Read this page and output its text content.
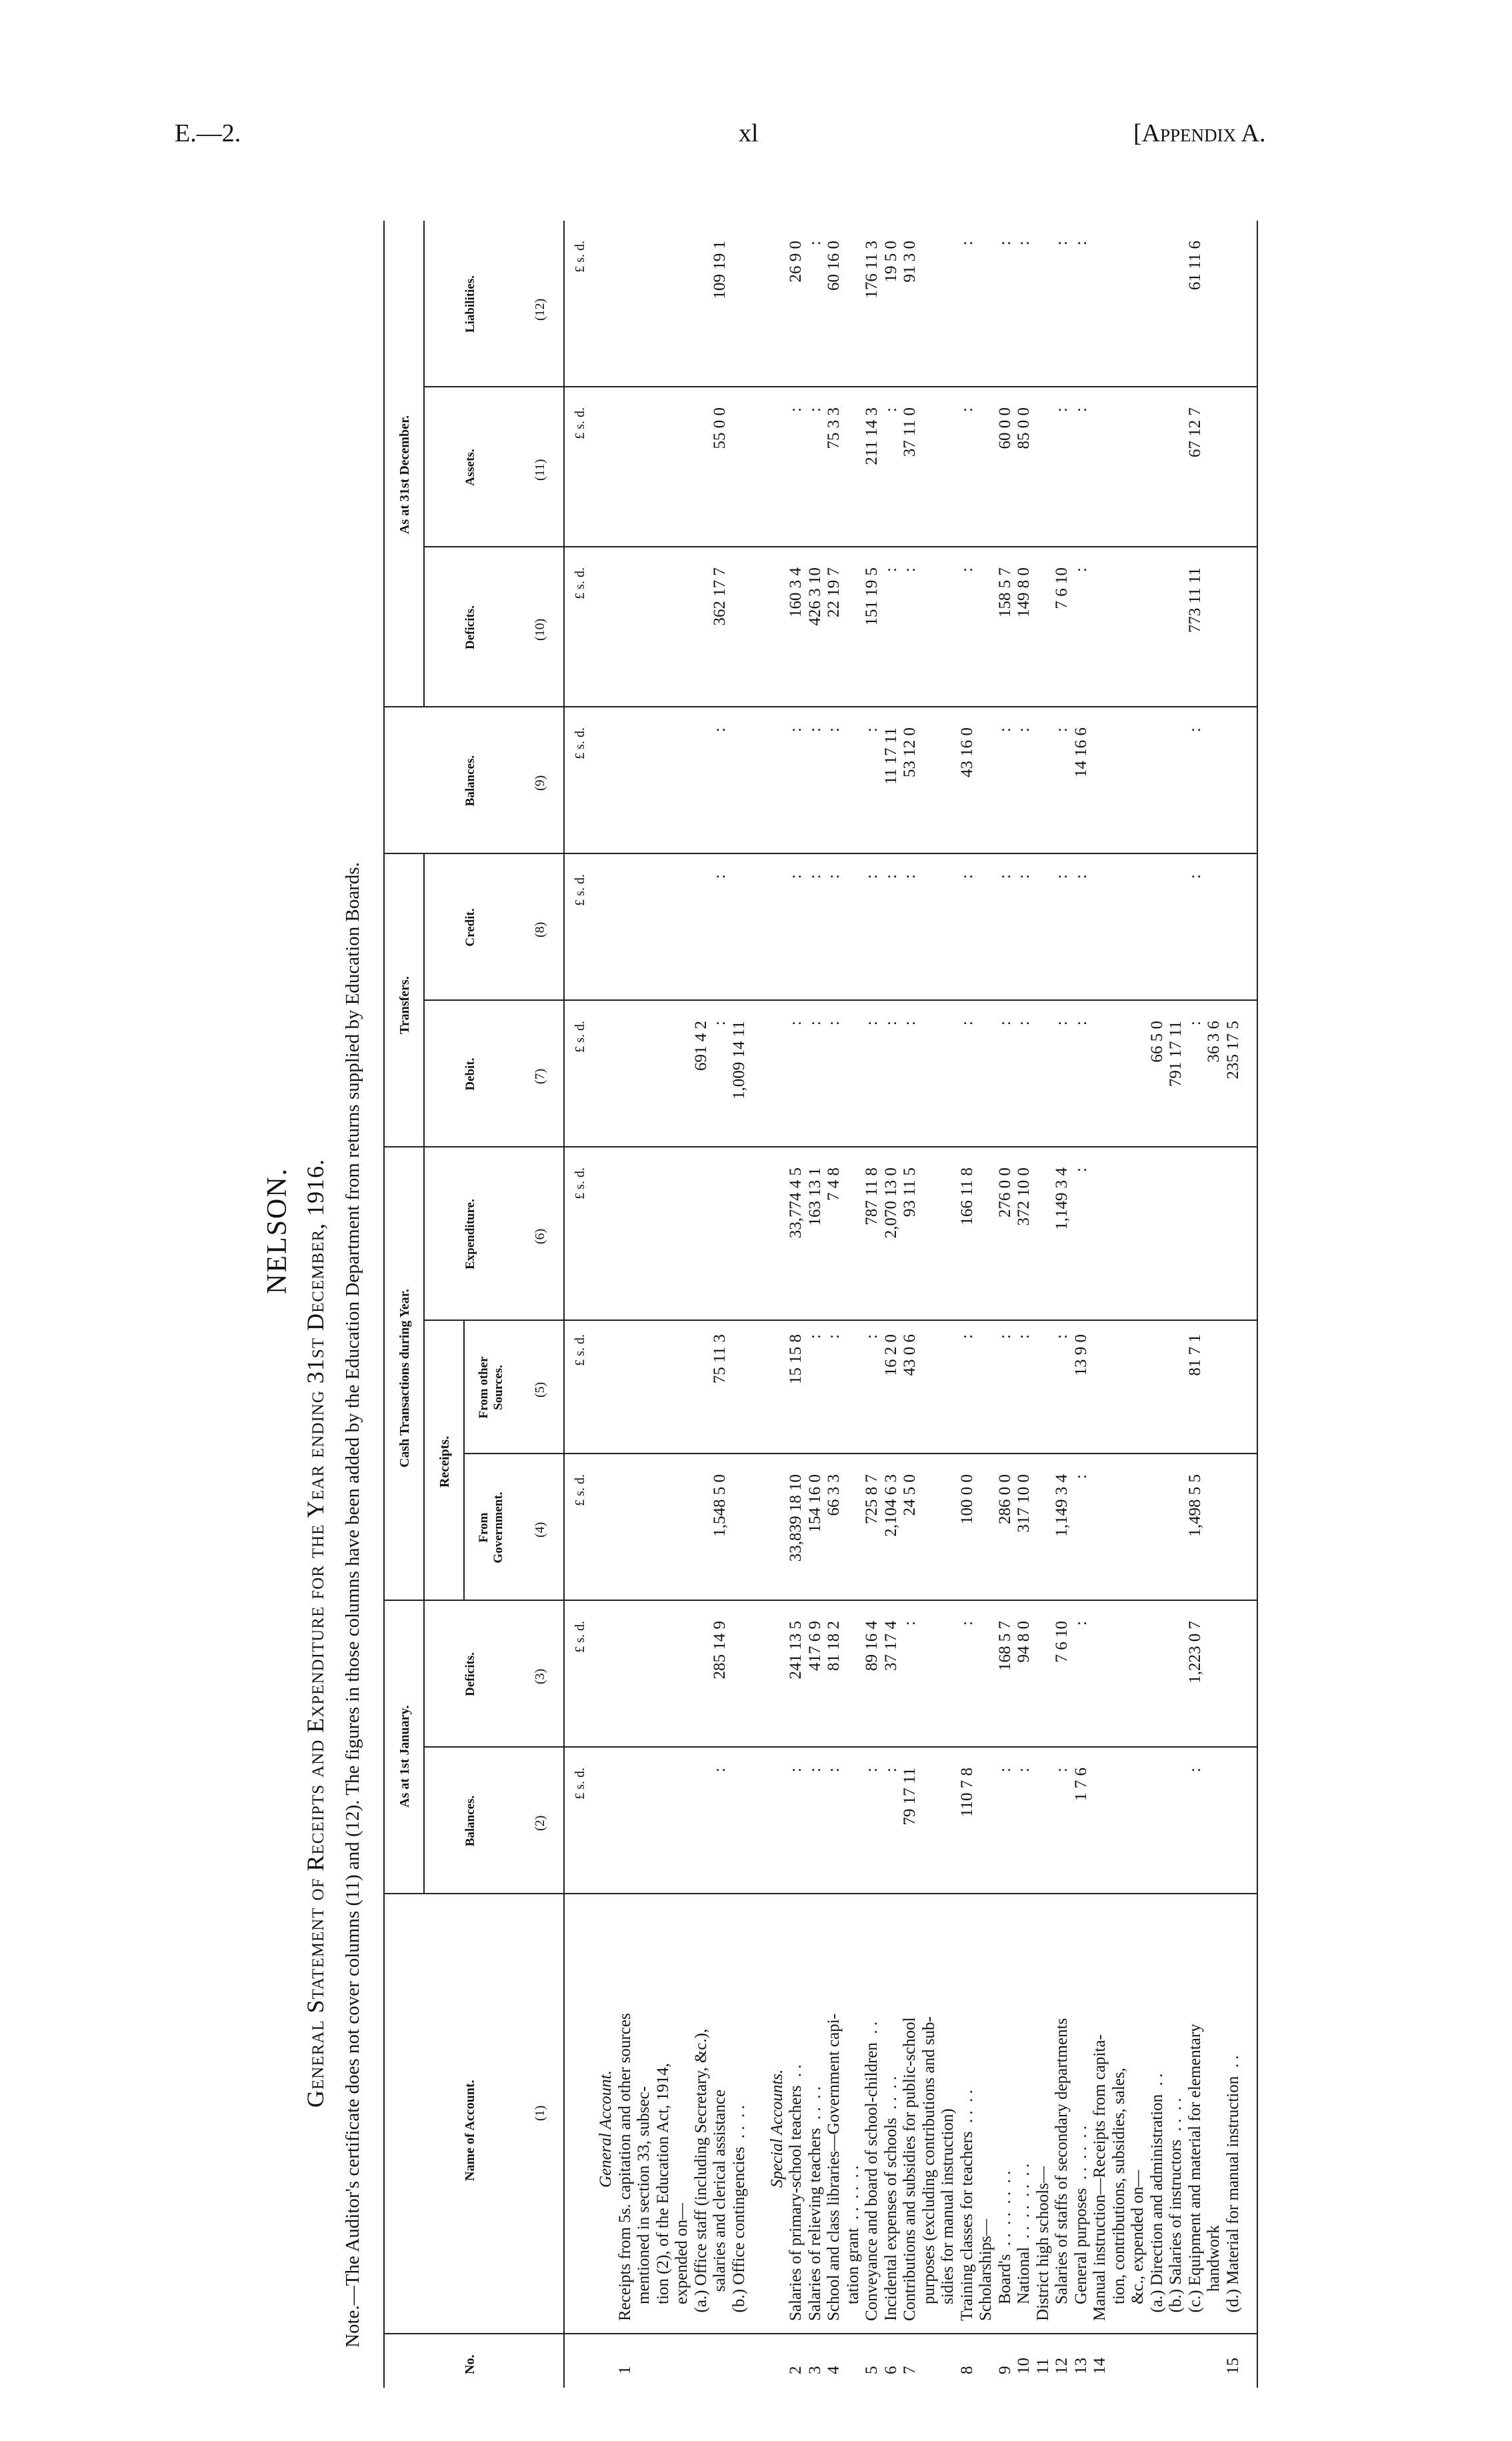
E.—2.	xl	[Appendix A.
NELSON. General Statement of Receipts and Expenditure for the Year ending 31st December, 1916. Note.—The Auditor's certificate does not cover columns (11) and (12). The figures in those columns have been added by the Education Department from returns supplied by Education Boards.
No.
Name of Account.
As at 1st January.
Cash Transactions during Year. Receipts.
Transfers.
As at 31st December.
Balances.
Deficits.
From Government.
From other Sources.
Expenditure.
Debit.
Credit.
Balances.
Deficits.
Assets.
Liabilities.
(1)
(2)
(3)
(4)
(5)
(6)
(7)
(8)
(9)
(10)
(11)
(12)
£ s. d.
£ s. d.
£ s. d.
£ s. d.
£ s. d.
£ s. d.
£ s. d.
£ s. d.
£ s. d.
£ s. d.
£ s. d.
General Account.
1
Receipts from 5s. capitation and other sources mentioned in section 33, subsec- tion (2), of the Education Act, 1914, expended on— (a.) Office staff (including Secretary, &c.),
691 4 2
salaries and clerical assistance
:
285 14 9
1,548 5 0
75 11 3
:
:
:
362 17 7
55 0 0
109 19 1
(b.) Office contingencies  . .  . .
1,009 14 11
Special Accounts.
2
Salaries of primary-school teachers  . .
:
241 13 5
33,839 18 10
15 15 8
33,774 4 5
:
:
:
160 3 4
:
26 9 0
3
Salaries of relieving teachers  . .  . .
:
417 6 9
154 16 0
:
163 13 1
:
:
:
426 3 10
:
:
4
School and class libraries—Government capi-
:
81 18 2
66 3 3
:
7 4 8
:
:
:
22 19 7
75 3 3
60 16 0
tation grant  . .  . .  . .
5
Conveyance and board of school-children  . .
:
89 16 4
725 8 7
:
787 11 8
:
:
:
151 19 5
211 14 3
176 11 3
6
Incidental expenses of schools  . .  . .
:
37 17 4
2,104 6 3
16 2 0
2,070 13 0
:
:
11 17 11
:
:
19 5 0
7
Contributions and subsidies for public-school
79 17 11
:
24 5 0
43 0 6
93 11 5
:
:
53 12 0
:
37 11 0
91 3 0
purposes (excluding contributions and sub- sidies for manual instruction)
8
Training classes for teachers  . .  . .
110 7 8
:
100 0 0
:
166 11 8
:
:
43 16 0
:
:
:
Scholarships—
9
Board's  . .  . .  . .  . .
:
168 5 7
286 0 0
:
276 0 0
:
:
:
158 5 7
60 0 0
:
10
National  . .  . .  . .  . .
:
94 8 0
317 10 0
:
372 10 0
:
:
:
149 8 0
85 0 0
:
11
District high schools—
12
Salaries of staffs of secondary departments
:
7 6 10
1,149 3 4
:
1,149 3 4
:
:
:
7 6 10
:
:
13
General purposes  . .  . .  . .
1 7 6
:
:
13 9 0
:
:
:
14 16 6
:
:
:
14
Manual instruction—Receipts from capita- tion, contributions, subsidies, sales, &c., expended on— (a.) Direction and administration  . .
66 5 0
(b.) Salaries of instructors  . .  . .
791 17 11
(c.) Equipment and material for elementary
:
1,223 0 7
1,498 5 5
81 7 1
:
:
:
773 11 11
67 12 7
61 11 6
handwork
36 3 6
15
(d.) Material for manual instruction  . .
235 17 5
